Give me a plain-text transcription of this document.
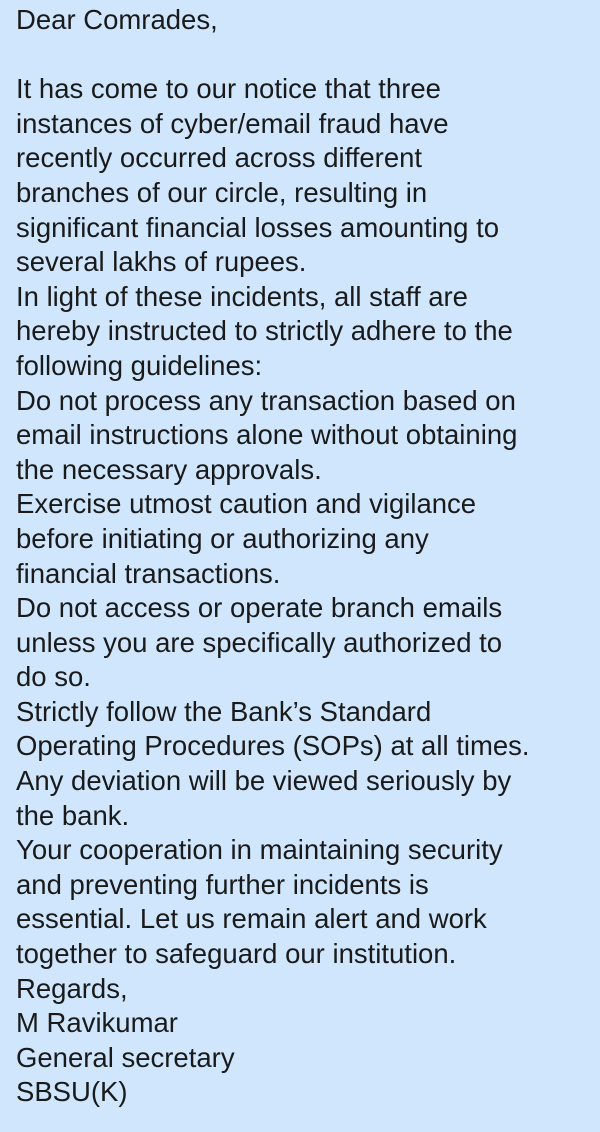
Dear Comrades,
It has come to our notice that three
instances of cyber/email fraud have
recently occurred across different
branches of our circle, resulting in
significant financial losses amounting to
several lakhs of rupees.
In light of these incidents, all staff are
hereby instructed to strictly adhere to the
following guidelines:
Do not process any transaction based on
email instructions alone without obtaining
the necessary approvals.
Exercise utmost caution and vigilance
before initiating or authorizing any
financial transactions.
Do not access or operate branch emails
unless you are specifically authorized to
do so.
Strictly follow the Bank’s Standard
Operating Procedures (SOPs) at all times.
Any deviation will be viewed seriously by
the bank.
Your cooperation in maintaining security
and preventing further incidents is
essential. Let us remain alert and work
together to safeguard our institution.
Regards,
M Ravikumar
General secretary
SBSU(K)
